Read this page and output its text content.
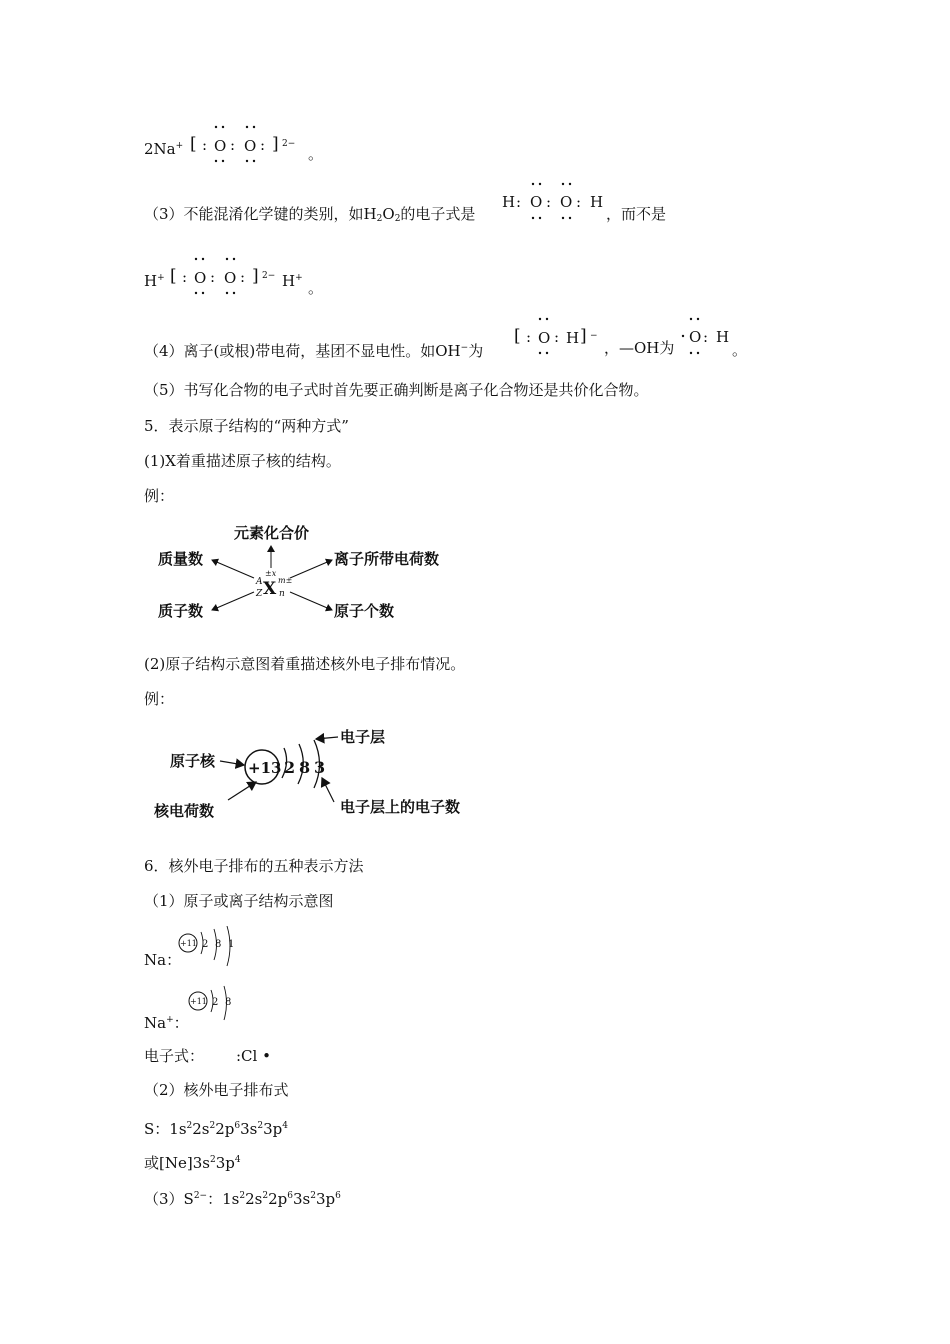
2Na+ [ : O : O : ] 2−
。
（3）不能混淆化学键的类别，如$H_2O_2$的电子式是
H : O : O : H
，而不是
H+ [ : O : O : ] 2− H+
。
（4）离子(或根)带电荷，基团不显电性。如OH−为
[ : O : H ] −
，—OH为
O : H
。
（5）书写化合物的电子式时首先要正确判断是离子化合物还是共价化合物。
5．表示原子结构的“两种方式”
(1)X着重描述原子核的结构。
例：
元素化合价
质量数	离子所带电荷数
质子数	原子个数
±x
A X
Z
m±
n
(2)原子结构示意图着重描述核外电子排布情况。
例：
原子核 +13 2 8 3
电子层
核电荷数	电子层上的电子数
6．核外电子排布的五种表示方法
（1）原子或离子结构示意图
Na：
+11 2 8 1
Na+：
+11 2 8
电子式： :Cl •
（2）核外电子排布式
S：$1s^22s^22p^63s^23p^4$
或$[Ne]3s^23p^4$
$(3)S^{2-}$：$1s^22s^22p^63s^23p^6$
